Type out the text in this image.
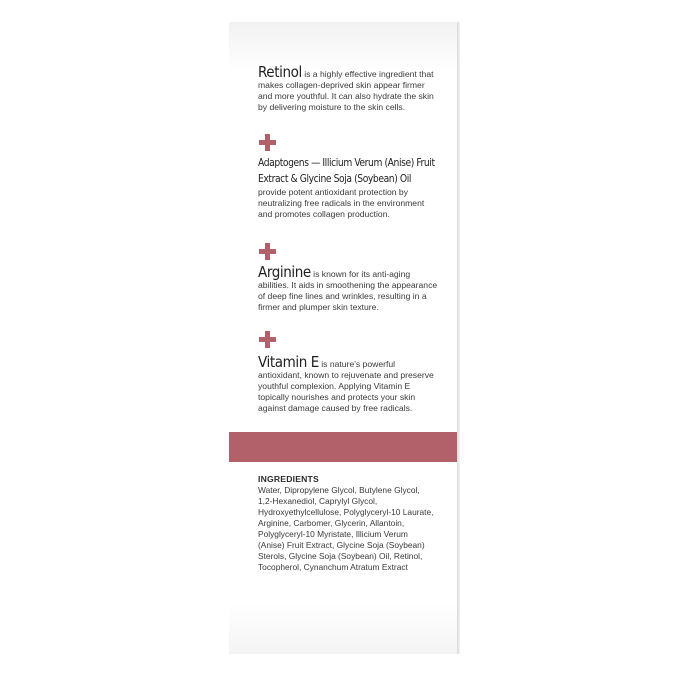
Retinol is a highly effective ingredient that makes collagen-deprived skin appear firmer and more youthful. It can also hydrate the skin by delivering moisture to the skin cells.
Adaptogens — Illicium Verum (Anise) Fruit Extract & Glycine Soja (Soybean) Oil provide potent antioxidant protection by neutralizing free radicals in the environment and promotes collagen production.
Arginine is known for its anti-aging abilities. It aids in smoothening the appearance of deep fine lines and wrinkles, resulting in a firmer and plumper skin texture.
Vitamin E is nature's powerful antioxidant, known to rejuvenate and preserve youthful complexion. Applying Vitamin E topically nourishes and protects your skin against damage caused by free radicals.
INGREDIENTS
Water, Dipropylene Glycol, Butylene Glycol, 1,2-Hexanediol, Caprylyl Glycol, Hydroxyethylcellulose, Polyglyceryl-10 Laurate, Arginine, Carbomer, Glycerin, Allantoin, Polyglyceryl-10 Myristate, Illicium Verum (Anise) Fruit Extract, Glycine Soja (Soybean) Sterols, Glycine Soja (Soybean) Oil, Retinol, Tocopherol, Cynanchum Atratum Extract
